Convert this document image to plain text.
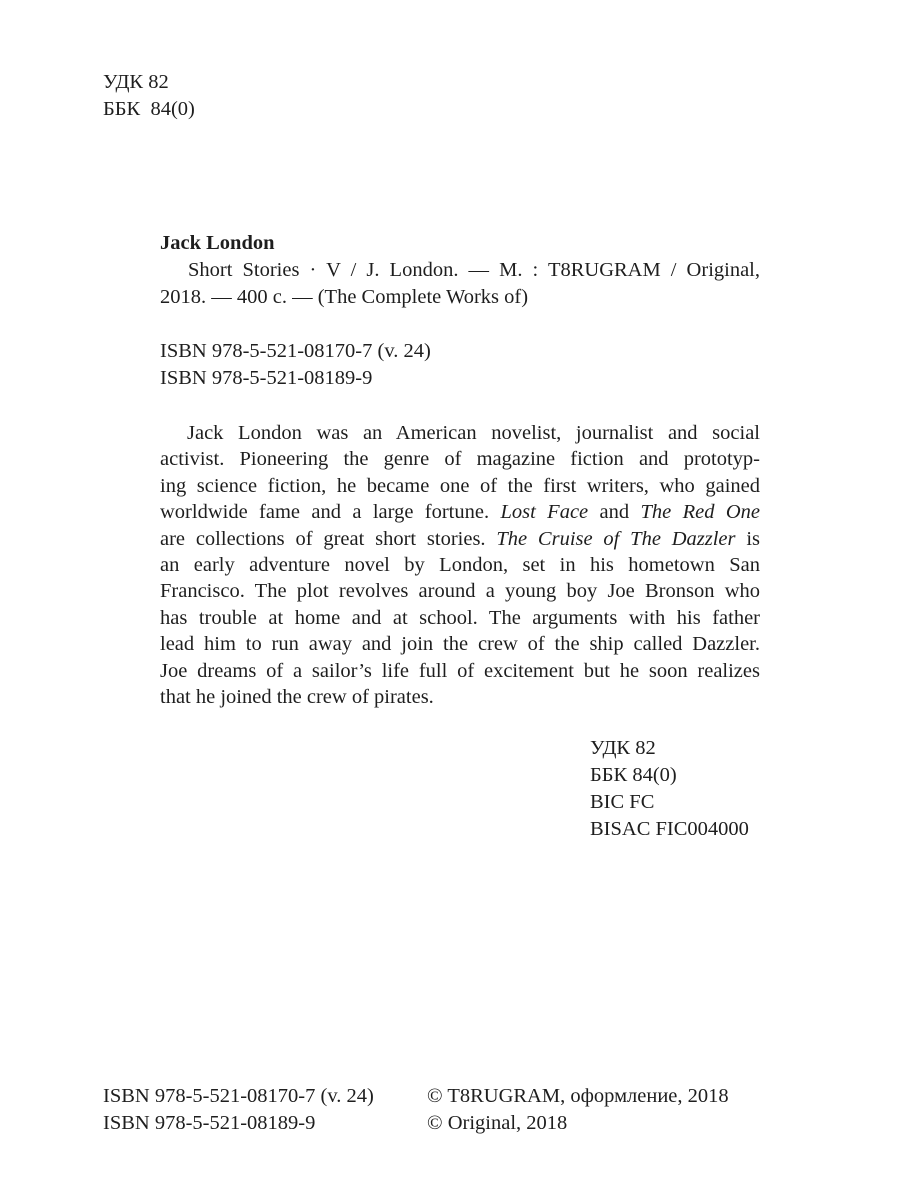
УДК 82
ББК  84(0)
Jack London
Short Stories · V / J. London. — M. : T8RUGRAM / Original,
2018. — 400 c. — (The Complete Works of)
ISBN 978-5-521-08170-7 (v. 24)
ISBN 978-5-521-08189-9
Jack London was an American novelist, journalist and social
activist. Pioneering the genre of magazine fiction and prototyp-
ing science fiction, he became one of the first writers, who gained
worldwide fame and a large fortune. Lost Face and The Red One
are collections of great short stories. The Cruise of The Dazzler is
an early adventure novel by London, set in his hometown San
Francisco. The plot revolves around a young boy Joe Bronson who
has trouble at home and at school. The arguments with his father
lead him to run away and join the crew of the ship called Dazzler.
Joe dreams of a sailor’s life full of excitement but he soon realizes
that he joined the crew of pirates.
УДК 82
ББК 84(0)
BIC FC
BISAC FIC004000
ISBN 978-5-521-08170-7 (v. 24)
ISBN 978-5-521-08189-9
© T8RUGRAM, оформление, 2018
© Original, 2018
